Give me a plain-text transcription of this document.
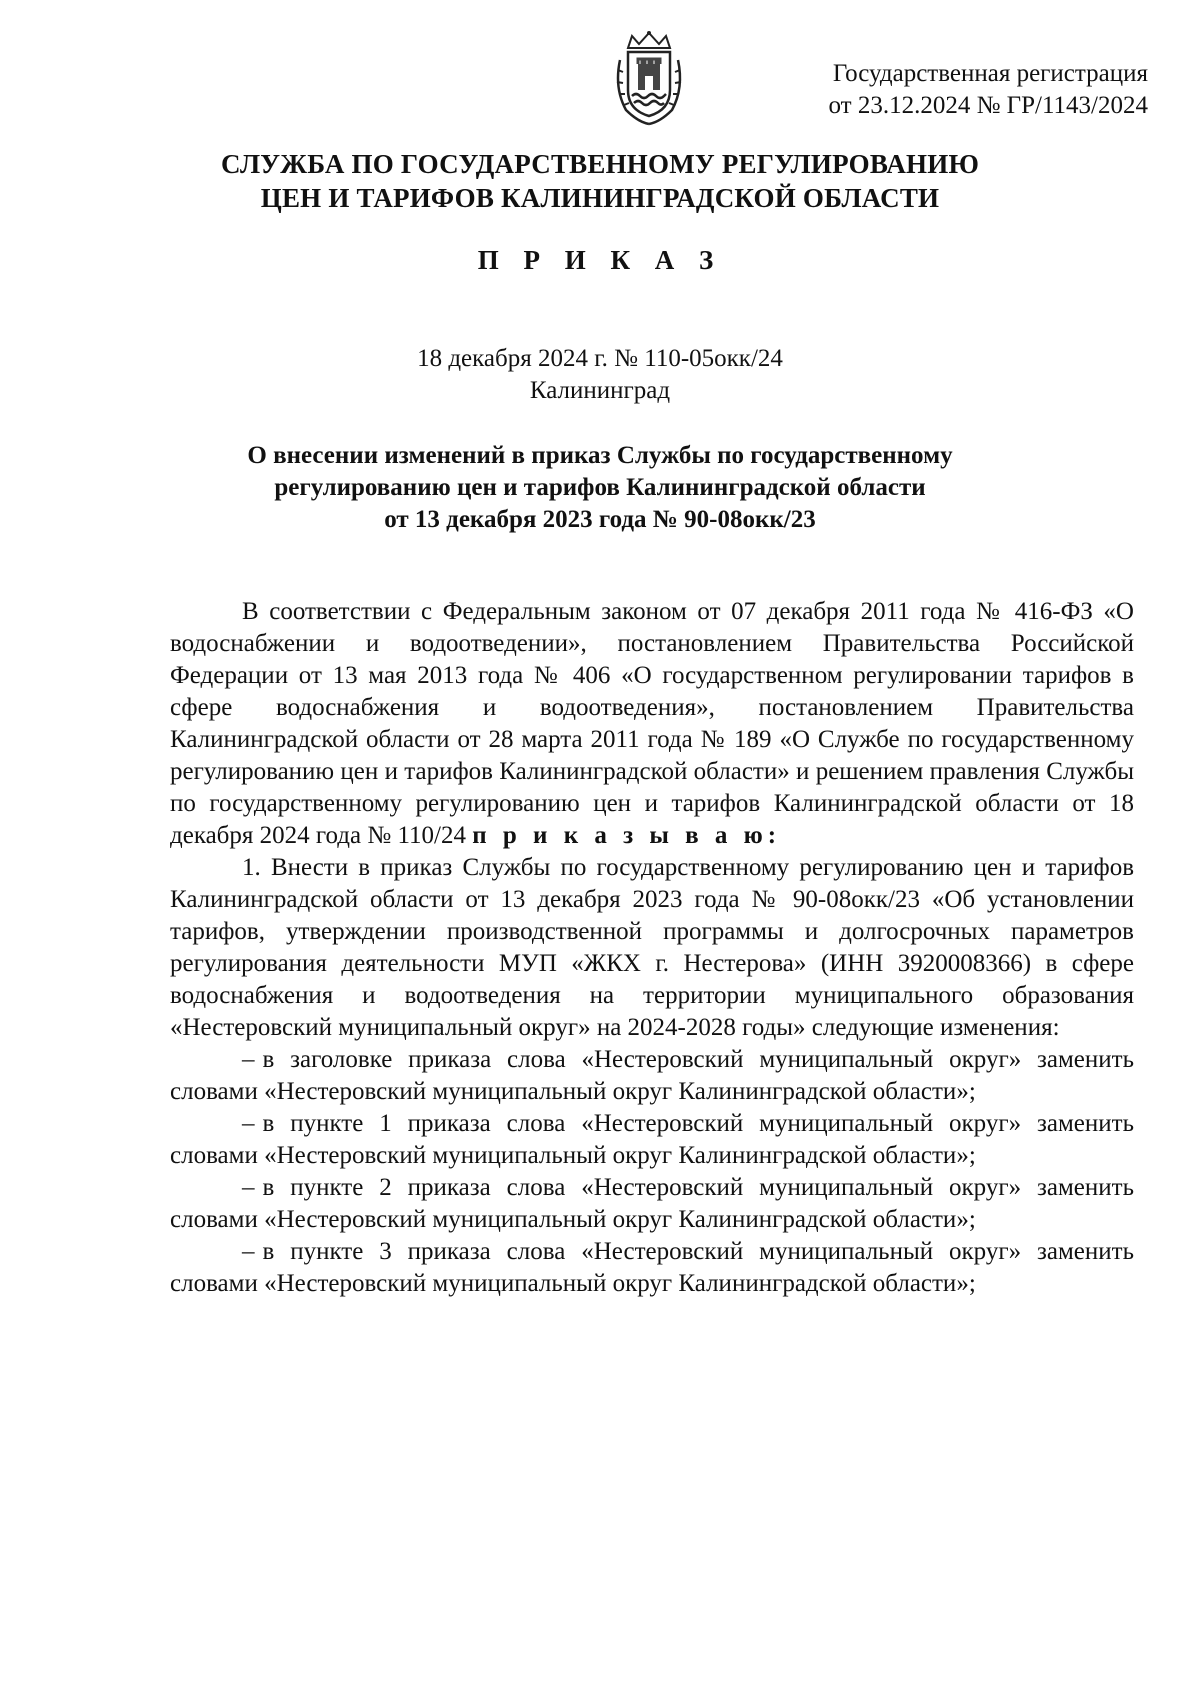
Государственная регистрация
от 23.12.2024 № ГР/1143/2024
СЛУЖБА ПО ГОСУДАРСТВЕННОМУ РЕГУЛИРОВАНИЮ
ЦЕН И ТАРИФОВ КАЛИНИНГРАДСКОЙ ОБЛАСТИ
П Р И К А З
18 декабря 2024 г. № 110-05окк/24
Калининград
О внесении изменений в приказ Службы по государственному
регулированию цен и тарифов Калининградской области
от 13 декабря 2023 года № 90-08окк/23

В соответствии с Федеральным законом от 07 декабря 2011 года № 416-ФЗ «О водоснабжении и водоотведении», постановлением Правительства Российской Федерации от 13 мая 2013 года № 406 «О государственном регулировании тарифов в сфере водоснабжения и водоотведения», постановлением Правительства Калининградской области от 28 марта 2011 года № 189 «О Службе по государственному регулированию цен и тарифов Калининградской области» и решением правления Службы по государственному регулированию цен и тарифов Калининградской области от 18 декабря 2024 года № 110/24 п р и к а з ы в а ю:

1. Внести в приказ Службы по государственному регулированию цен и тарифов Калининградской области от 13 декабря 2023 года № 90-08окк/23 «Об установлении тарифов, утверждении производственной программы и долгосрочных параметров регулирования деятельности МУП «ЖКХ г. Нестерова» (ИНН 3920008366) в сфере водоснабжения и водоотведения на территории муниципального образования «Нестеровский муниципальный округ» на 2024-2028 годы» следующие изменения:

– в заголовке приказа слова «Нестеровский муниципальный округ» заменить словами «Нестеровский муниципальный округ Калининградской области»;

– в пункте 1 приказа слова «Нестеровский муниципальный округ» заменить словами «Нестеровский муниципальный округ Калининградской области»;

– в пункте 2 приказа слова «Нестеровский муниципальный округ» заменить словами «Нестеровский муниципальный округ Калининградской области»;

– в пункте 3 приказа слова «Нестеровский муниципальный округ» заменить словами «Нестеровский муниципальный округ Калининградской области»;
